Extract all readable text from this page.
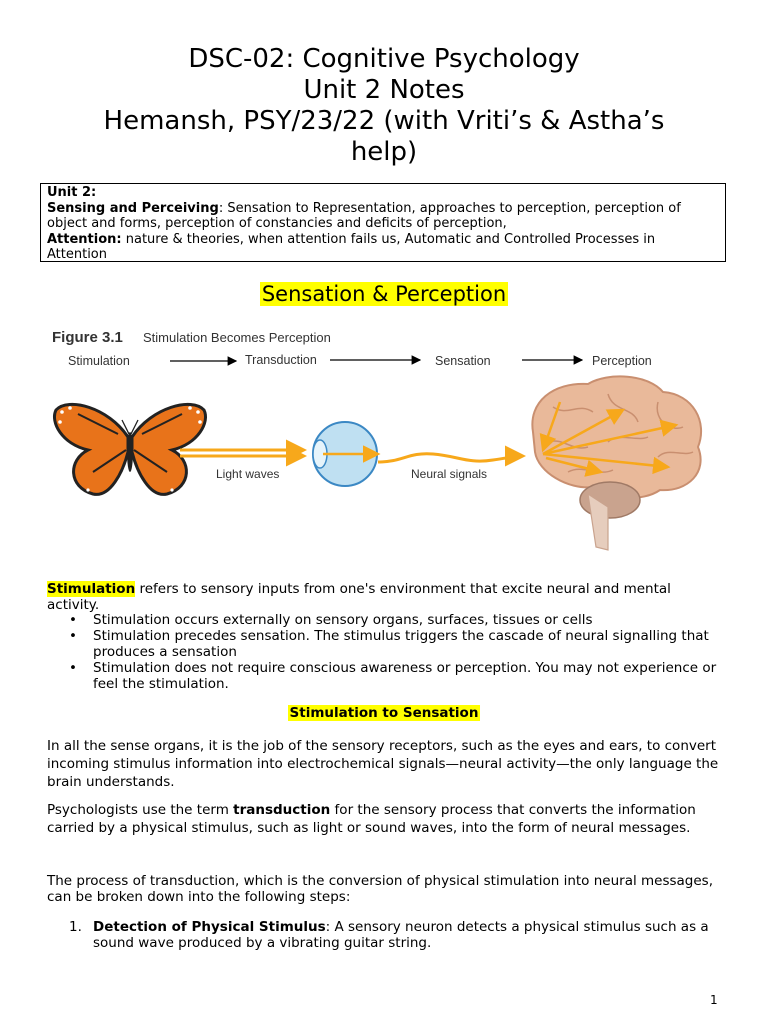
DSC-02: Cognitive Psychology
Unit 2 Notes
Hemansh, PSY/23/22 (with Vriti’s & Astha’s
help)
Unit 2:
Sensing and Perceiving: Sensation to Representation, approaches to perception, perception of object and forms, perception of constancies and deficits of perception,
Attention: nature & theories, when attention fails us, Automatic and Controlled Processes in Attention
Sensation & Perception
Figure 3.1 Stimulation Becomes Perception
Stimulation	Transduction	Sensation	Perception
Light waves	Neural signals
Stimulation refers to sensory inputs from one's environment that excite neural and mental activity.
• Stimulation occurs externally on sensory organs, surfaces, tissues or cells
• Stimulation precedes sensation. The stimulus triggers the cascade of neural signalling that produces a sensation
• Stimulation does not require conscious awareness or perception. You may not experience or feel the stimulation.
Stimulation to Sensation
In all the sense organs, it is the job of the sensory receptors, such as the eyes and ears, to convert incoming stimulus information into electrochemical signals—neural activity—the only language the brain understands.
Psychologists use the term transduction for the sensory process that converts the information carried by a physical stimulus, such as light or sound waves, into the form of neural messages.
The process of transduction, which is the conversion of physical stimulation into neural messages, can be broken down into the following steps:
1. Detection of Physical Stimulus: A sensory neuron detects a physical stimulus such as a sound wave produced by a vibrating guitar string.
1
